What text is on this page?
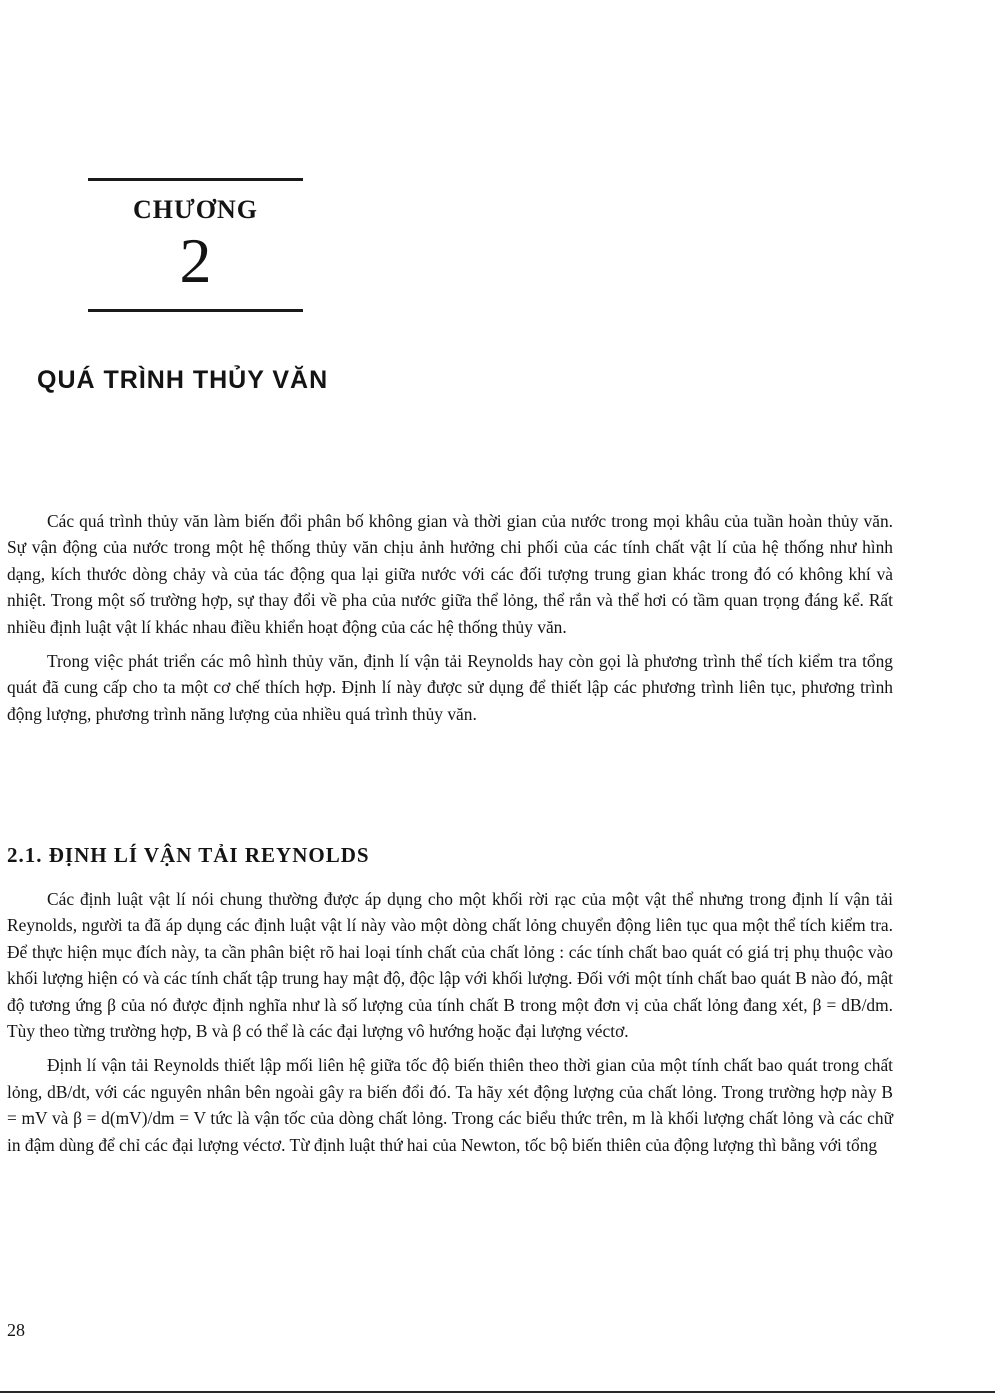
CHƯƠNG
2
QUÁ TRÌNH THỦY VĂN

Các quá trình thủy văn làm biến đổi phân bố không gian và thời gian của nước trong mọi khâu của tuần hoàn thủy văn. Sự vận động của nước trong một hệ thống thủy văn chịu ảnh hưởng chi phối của các tính chất vật lí của hệ thống như hình dạng, kích thước dòng chảy và của tác động qua lại giữa nước với các đối tượng trung gian khác trong đó có không khí và nhiệt. Trong một số trường hợp, sự thay đổi về pha của nước giữa thể lỏng, thể rắn và thể hơi có tầm quan trọng đáng kể. Rất nhiều định luật vật lí khác nhau điều khiển hoạt động của các hệ thống thủy văn.

Trong việc phát triển các mô hình thủy văn, định lí vận tải Reynolds hay còn gọi là phương trình thể tích kiểm tra tổng quát đã cung cấp cho ta một cơ chế thích hợp. Định lí này được sử dụng để thiết lập các phương trình liên tục, phương trình động lượng, phương trình năng lượng của nhiều quá trình thủy văn.

2.1. ĐỊNH LÍ VẬN TẢI REYNOLDS

Các định luật vật lí nói chung thường được áp dụng cho một khối rời rạc của một vật thể nhưng trong định lí vận tải Reynolds, người ta đã áp dụng các định luật vật lí này vào một dòng chất lỏng chuyển động liên tục qua một thể tích kiểm tra. Để thực hiện mục đích này, ta cần phân biệt rõ hai loại tính chất của chất lỏng : các tính chất bao quát có giá trị phụ thuộc vào khối lượng hiện có và các tính chất tập trung hay mật độ, độc lập với khối lượng. Đối với một tính chất bao quát B nào đó, mật độ tương ứng β của nó được định nghĩa như là số lượng của tính chất B trong một đơn vị của chất lỏng đang xét, β = dB/dm. Tùy theo từng trường hợp, B và β có thể là các đại lượng vô hướng hoặc đại lượng véctơ.

Định lí vận tải Reynolds thiết lập mối liên hệ giữa tốc độ biến thiên theo thời gian của một tính chất bao quát trong chất lỏng, dB/dt, với các nguyên nhân bên ngoài gây ra biến đổi đó. Ta hãy xét động lượng của chất lỏng. Trong trường hợp này B = mV và β = d(mV)/dm = V tức là vận tốc của dòng chất lỏng. Trong các biểu thức trên, m là khối lượng chất lỏng và các chữ in đậm dùng để chỉ các đại lượng véctơ. Từ định luật thứ hai của Newton, tốc bộ biến thiên của động lượng thì bằng với tổng

28
